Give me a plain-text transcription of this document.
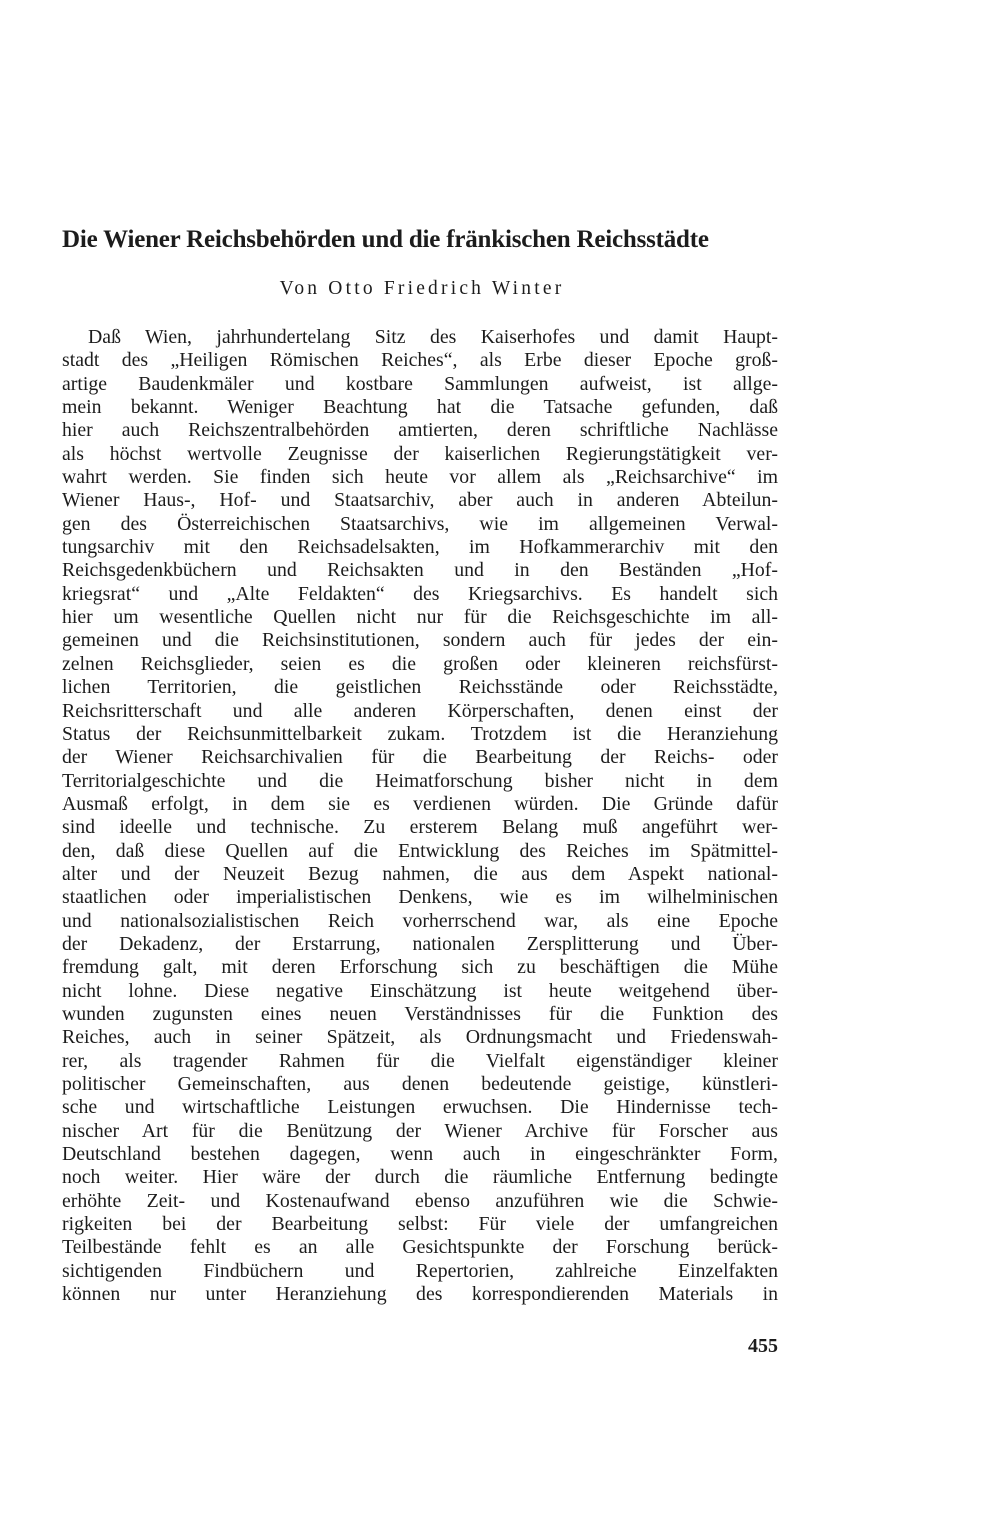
Die Wiener Reichsbehörden und die fränkischen Reichsstädte
Von Otto Friedrich Winter
Daß Wien, jahrhundertelang Sitz des Kaiserhofes und damit Haupt-
stadt des „Heiligen Römischen Reiches“, als Erbe dieser Epoche groß-
artige Baudenkmäler und kostbare Sammlungen aufweist, ist allge-
mein bekannt. Weniger Beachtung hat die Tatsache gefunden, daß
hier auch Reichszentralbehörden amtierten, deren schriftliche Nachlässe
als höchst wertvolle Zeugnisse der kaiserlichen Regierungstätigkeit ver-
wahrt werden. Sie finden sich heute vor allem als „Reichsarchive“ im
Wiener Haus-, Hof- und Staatsarchiv, aber auch in anderen Abteilun-
gen des Österreichischen Staatsarchivs, wie im allgemeinen Verwal-
tungsarchiv mit den Reichsadelsakten, im Hofkammerarchiv mit den
Reichsgedenkbüchern und Reichsakten und in den Beständen „Hof-
kriegsrat“ und „Alte Feldakten“ des Kriegsarchivs. Es handelt sich
hier um wesentliche Quellen nicht nur für die Reichsgeschichte im all-
gemeinen und die Reichsinstitutionen, sondern auch für jedes der ein-
zelnen Reichsglieder, seien es die großen oder kleineren reichsfürst-
lichen Territorien, die geistlichen Reichsstände oder Reichsstädte,
Reichsritterschaft und alle anderen Körperschaften, denen einst der
Status der Reichsunmittelbarkeit zukam. Trotzdem ist die Heranziehung
der Wiener Reichsarchivalien für die Bearbeitung der Reichs- oder
Territorialgeschichte und die Heimatforschung bisher nicht in dem
Ausmaß erfolgt, in dem sie es verdienen würden. Die Gründe dafür
sind ideelle und technische. Zu ersterem Belang muß angeführt wer-
den, daß diese Quellen auf die Entwicklung des Reiches im Spätmittel-
alter und der Neuzeit Bezug nahmen, die aus dem Aspekt national-
staatlichen oder imperialistischen Denkens, wie es im wilhelminischen
und nationalsozialistischen Reich vorherrschend war, als eine Epoche
der Dekadenz, der Erstarrung, nationalen Zersplitterung und Über-
fremdung galt, mit deren Erforschung sich zu beschäftigen die Mühe
nicht lohne. Diese negative Einschätzung ist heute weitgehend über-
wunden zugunsten eines neuen Verständnisses für die Funktion des
Reiches, auch in seiner Spätzeit, als Ordnungsmacht und Friedenswah-
rer, als tragender Rahmen für die Vielfalt eigenständiger kleiner
politischer Gemeinschaften, aus denen bedeutende geistige, künstleri-
sche und wirtschaftliche Leistungen erwuchsen. Die Hindernisse tech-
nischer Art für die Benützung der Wiener Archive für Forscher aus
Deutschland bestehen dagegen, wenn auch in eingeschränkter Form,
noch weiter. Hier wäre der durch die räumliche Entfernung bedingte
erhöhte Zeit- und Kostenaufwand ebenso anzuführen wie die Schwie-
rigkeiten bei der Bearbeitung selbst: Für viele der umfangreichen
Teilbestände fehlt es an alle Gesichtspunkte der Forschung berück-
sichtigenden Findbüchern und Repertorien, zahlreiche Einzelfakten
können nur unter Heranziehung des korrespondierenden Materials in
455
